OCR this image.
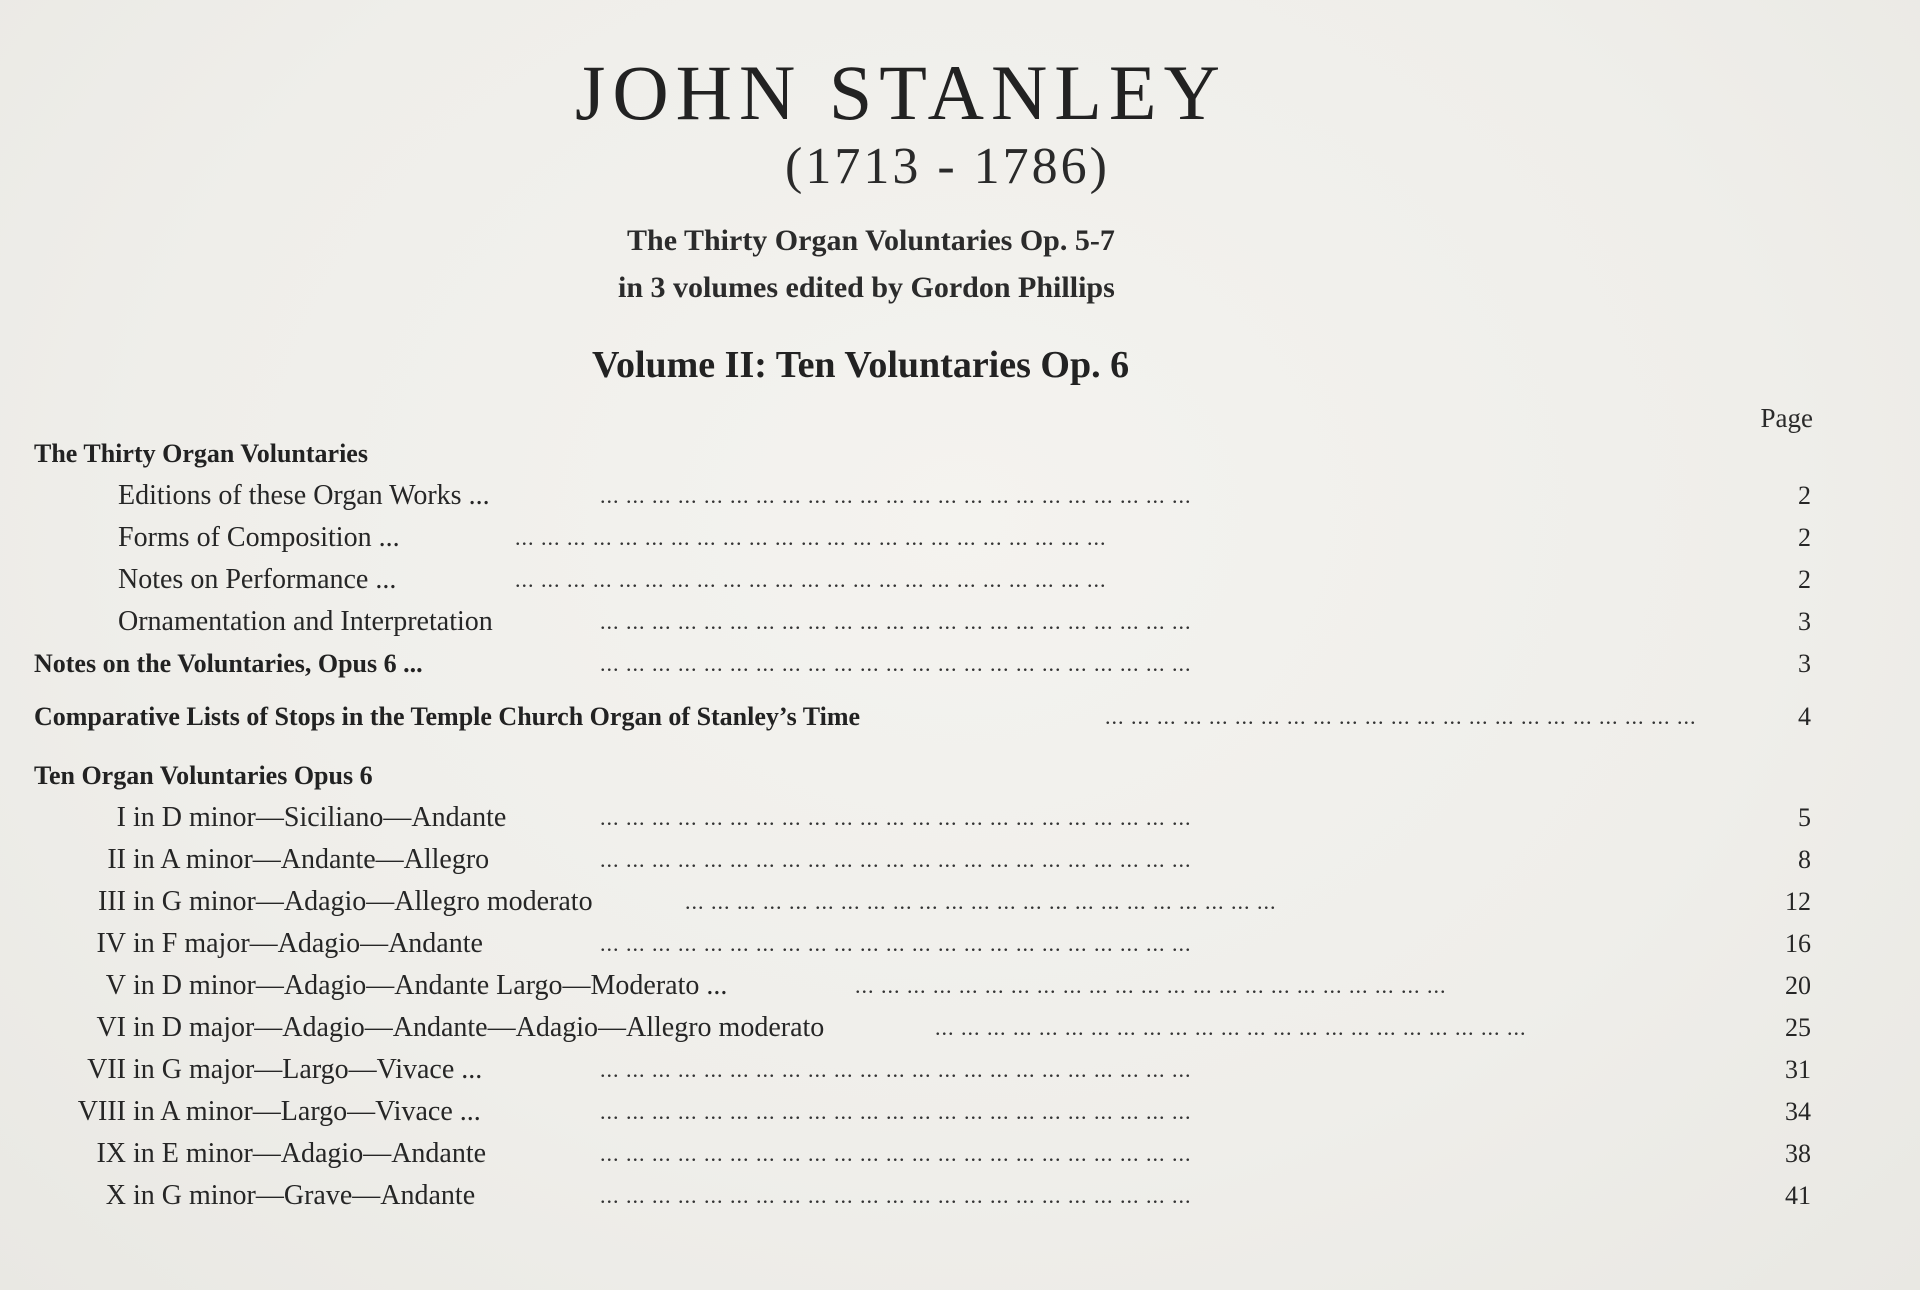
JOHN STANLEY
(1713 - 1786)
The Thirty Organ Voluntaries Op. 5-7
in 3 volumes edited by Gordon Phillips
Volume II: Ten Voluntaries Op. 6
Page
The Thirty Organ Voluntaries
Editions of these Organ Works ...	... ... ... ... ... ... ... ... ... ... ... ... ... ... ... ... ... ... ... ... ... ... ...	2
Forms of Composition ...	... ... ... ... ... ... ... ... ... ... ... ... ... ... ... ... ... ... ... ... ... ... ...	2
Notes on Performance ...	... ... ... ... ... ... ... ... ... ... ... ... ... ... ... ... ... ... ... ... ... ... ...	2
Ornamentation and Interpretation	... ... ... ... ... ... ... ... ... ... ... ... ... ... ... ... ... ... ... ... ... ... ...	3
Notes on the Voluntaries, Opus 6 ...	... ... ... ... ... ... ... ... ... ... ... ... ... ... ... ... ... ... ... ... ... ... ...	3
Comparative Lists of Stops in the Temple Church Organ of Stanley’s Time	... ... ... ... ... ... ... ... ... ... ... ... ... ... ... ... ... ... ... ... ... ... ...	4
Ten Organ Voluntaries Opus 6
I in D minor—Siciliano—Andante	... ... ... ... ... ... ... ... ... ... ... ... ... ... ... ... ... ... ... ... ... ... ...	5
II in A minor—Andante—Allegro	... ... ... ... ... ... ... ... ... ... ... ... ... ... ... ... ... ... ... ... ... ... ...	8
III in G minor—Adagio—Allegro moderato	... ... ... ... ... ... ... ... ... ... ... ... ... ... ... ... ... ... ... ... ... ... ...	12
IV in F major—Adagio—Andante	... ... ... ... ... ... ... ... ... ... ... ... ... ... ... ... ... ... ... ... ... ... ...	16
V in D minor—Adagio—Andante Largo—Moderato ...	... ... ... ... ... ... ... ... ... ... ... ... ... ... ... ... ... ... ... ... ... ... ...	20
VI in D major—Adagio—Andante—Adagio—Allegro moderato	... ... ... ... ... ... ... ... ... ... ... ... ... ... ... ... ... ... ... ... ... ... ...	25
VII in G major—Largo—Vivace ...	... ... ... ... ... ... ... ... ... ... ... ... ... ... ... ... ... ... ... ... ... ... ...	31
VIII in A minor—Largo—Vivace ...	... ... ... ... ... ... ... ... ... ... ... ... ... ... ... ... ... ... ... ... ... ... ...	34
IX in E minor—Adagio—Andante	... ... ... ... ... ... ... ... ... ... ... ... ... ... ... ... ... ... ... ... ... ... ...	38
X in G minor—Grave—Andante	... ... ... ... ... ... ... ... ... ... ... ... ... ... ... ... ... ... ... ... ... ... ...	41
